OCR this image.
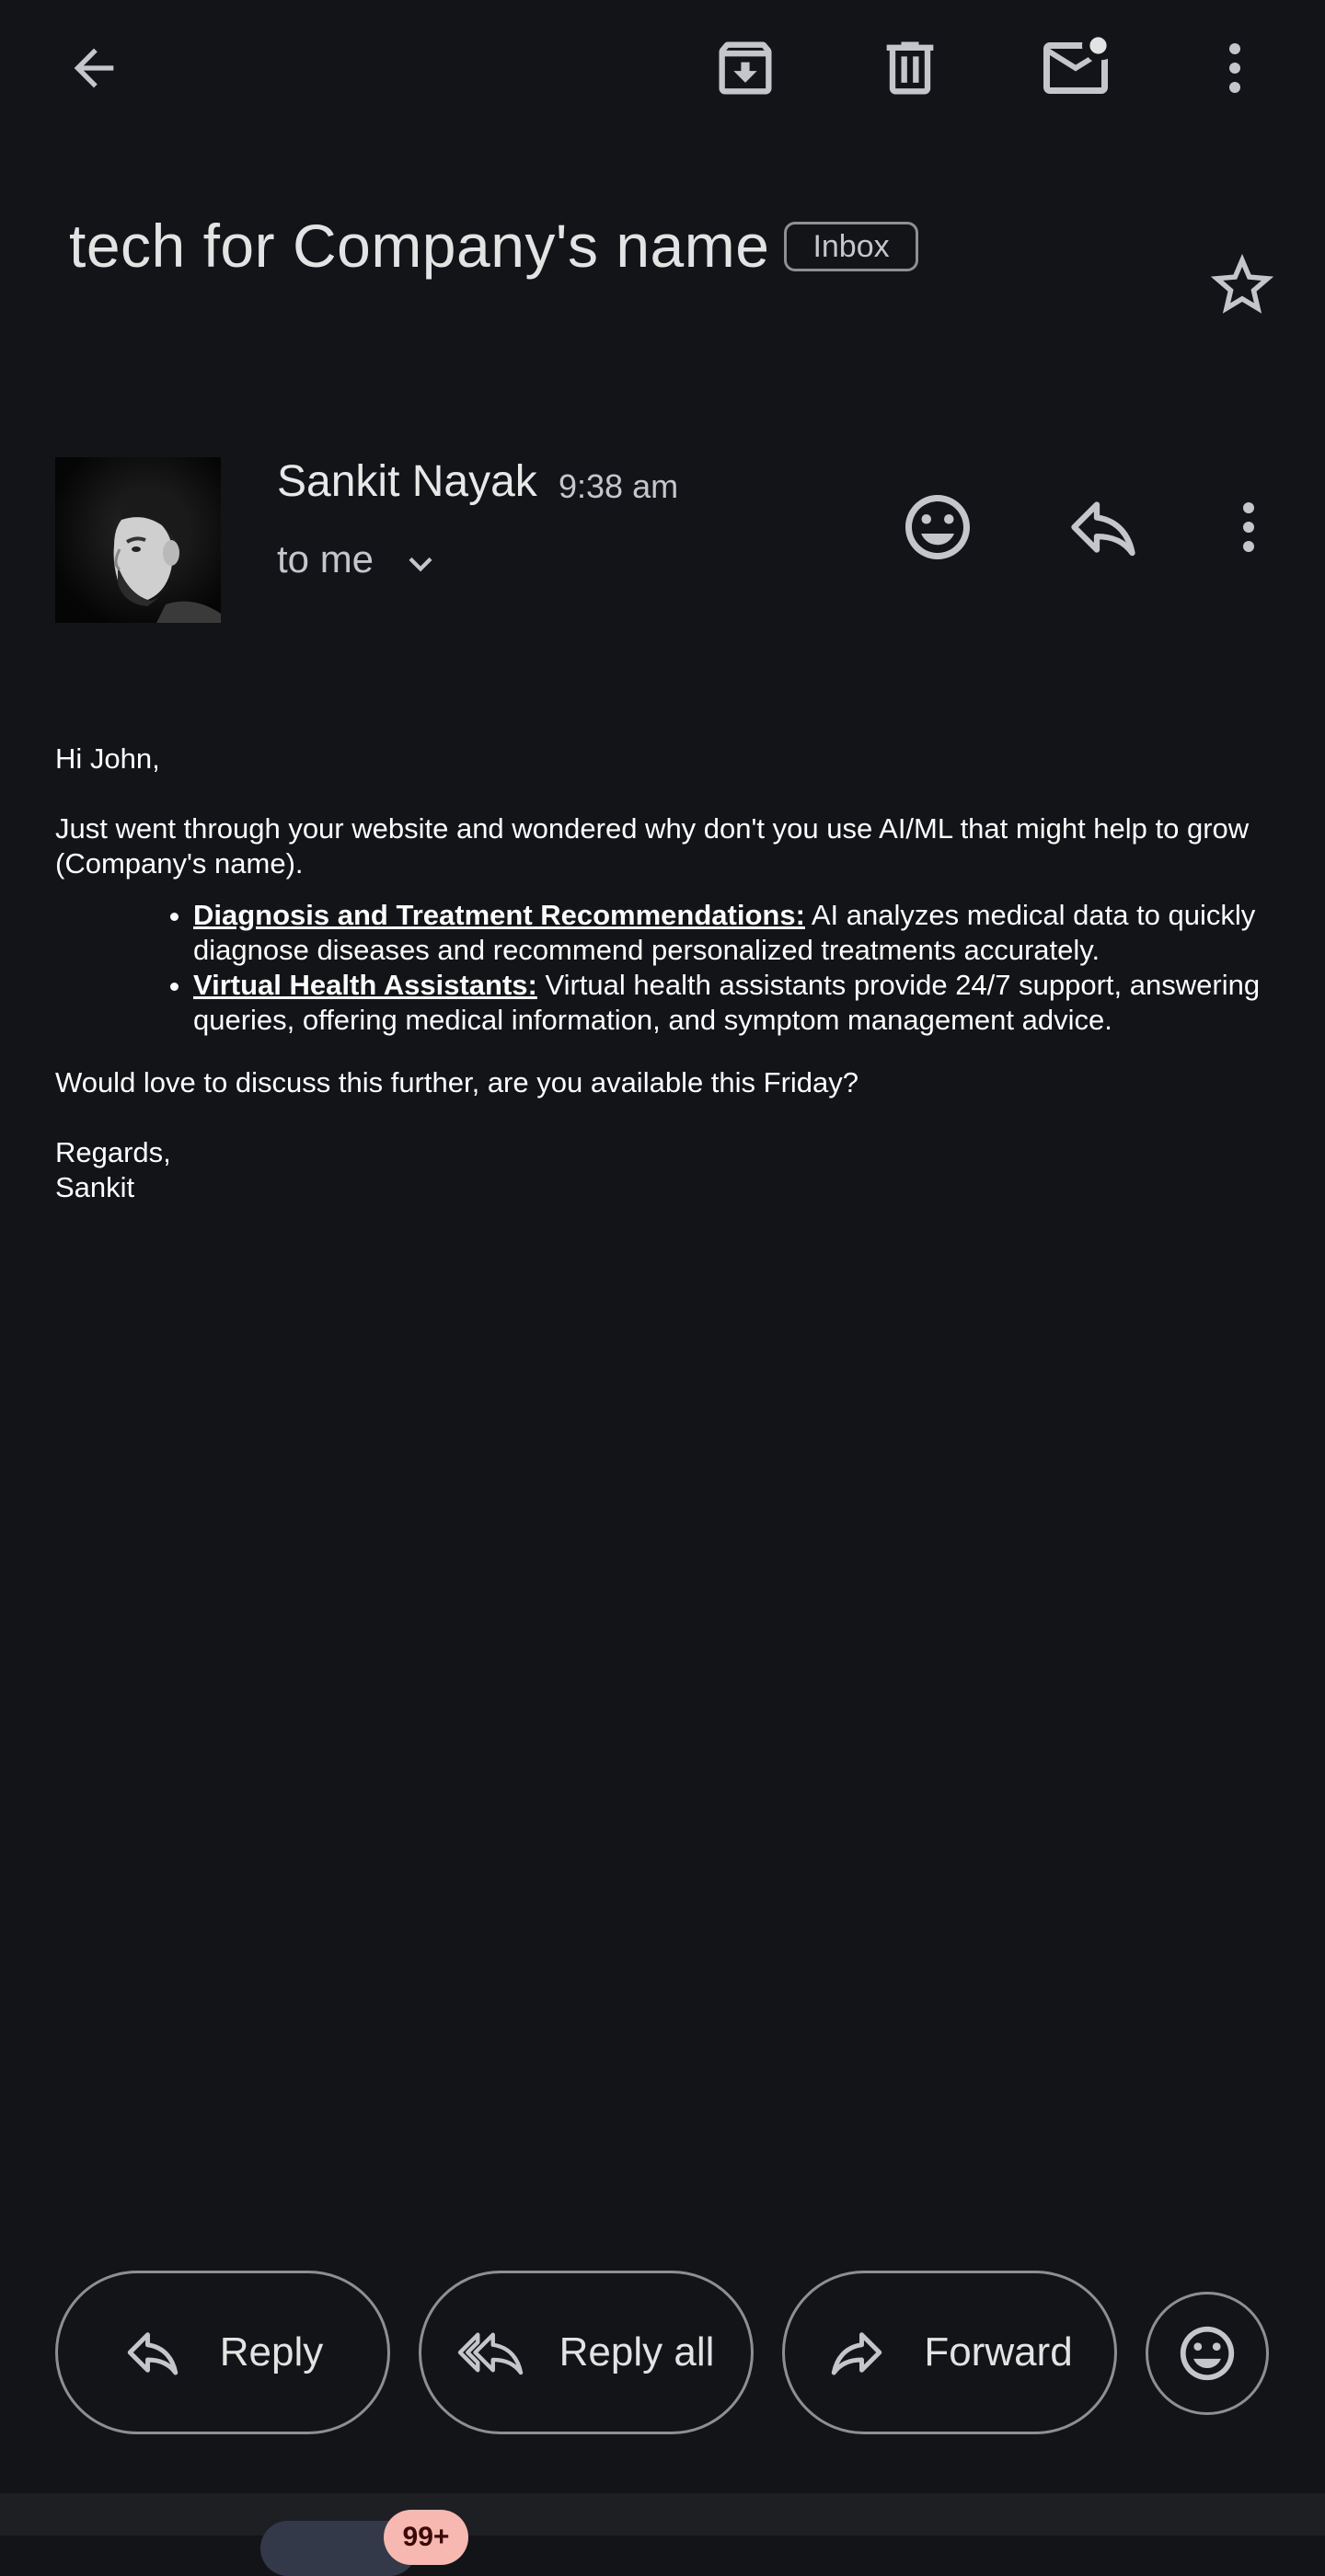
tech for Company's name	Inbox
Sankit Nayak 9:38 am
to me

Hi John,

Just went through your website and wondered why don't you use AI/ML that might help to grow (Company's name).

• Diagnosis and Treatment Recommendations: AI analyzes medical data to quickly diagnose diseases and recommend personalized treatments accurately.
• Virtual Health Assistants: Virtual health assistants provide 24/7 support, answering queries, offering medical information, and symptom management advice.

Would love to discuss this further, are you available this Friday?

Regards,

Sankit

Reply	Reply all	Forward
99+
